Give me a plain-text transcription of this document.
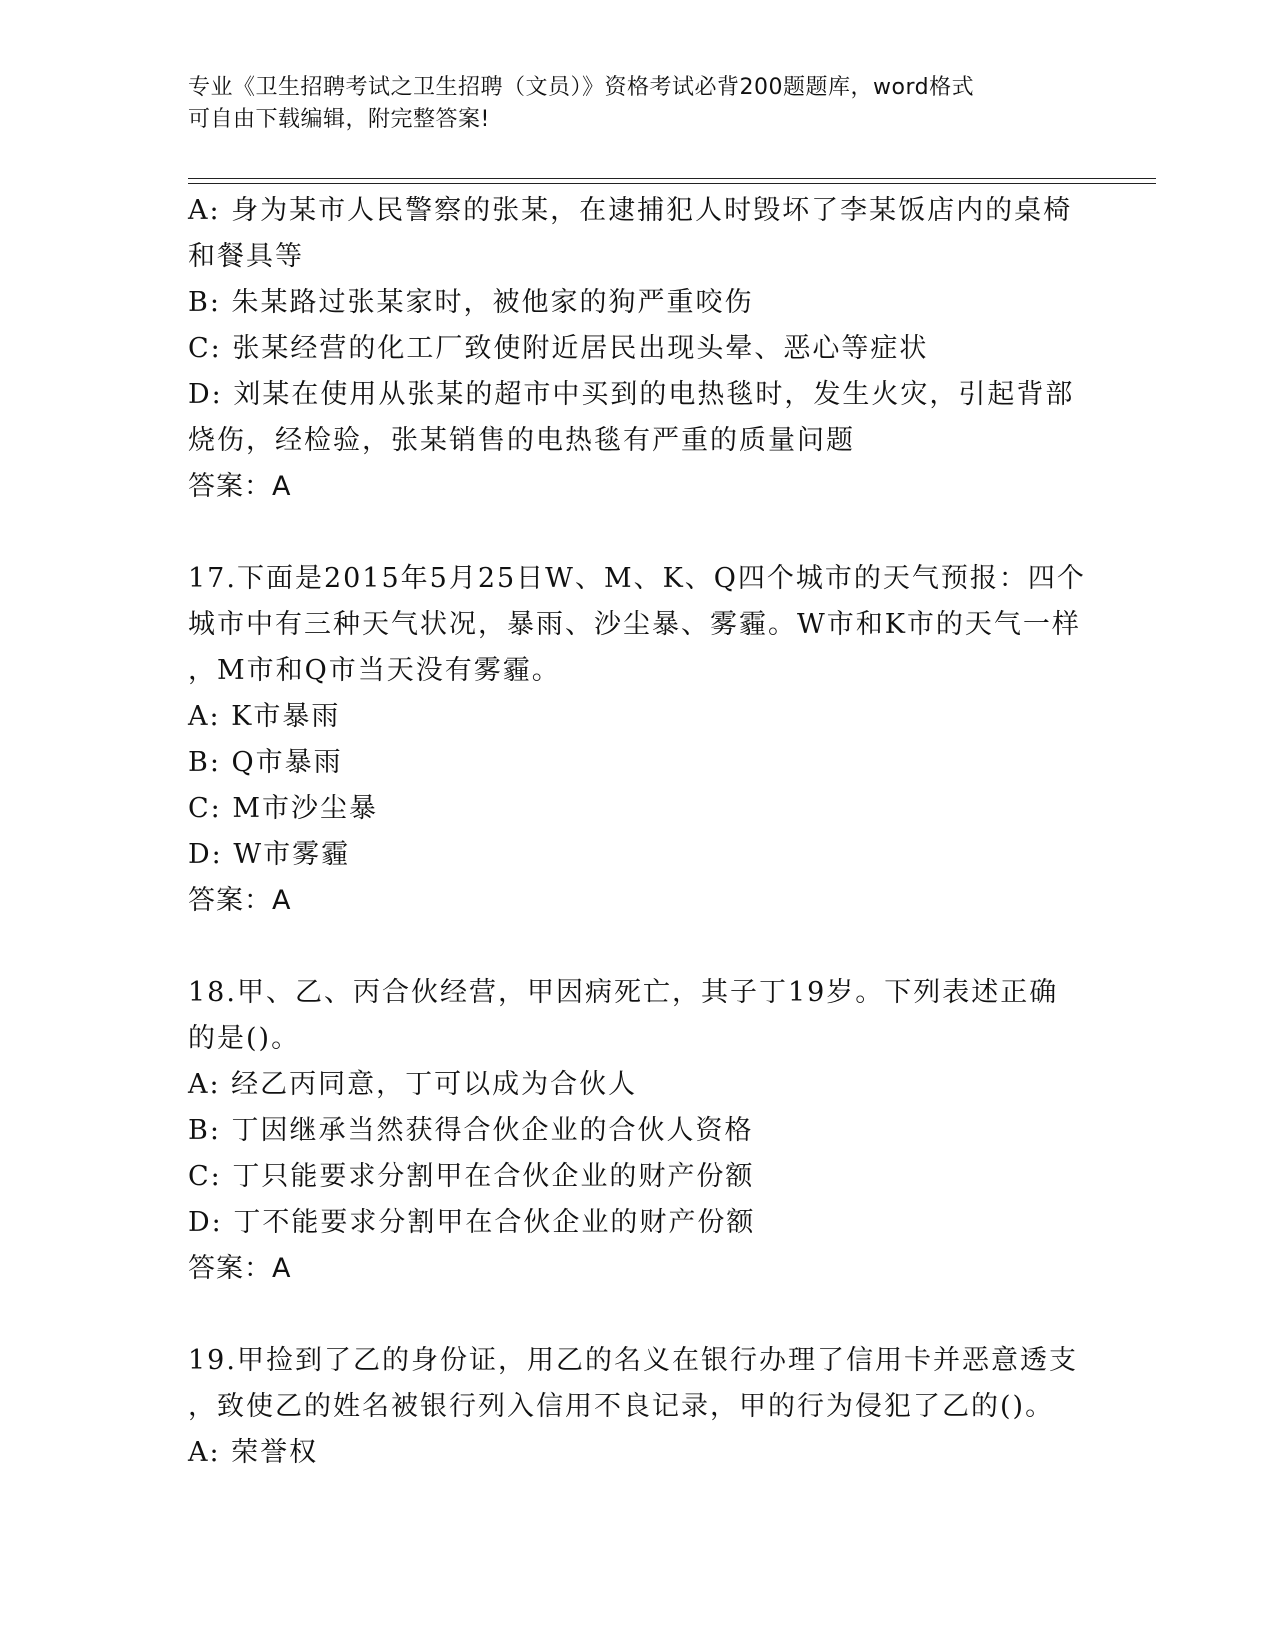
专业《卫生招聘考试之卫生招聘（文员）》资格考试必背200题题库，word格式
可自由下载编辑，附完整答案!

A: 身为某市人民警察的张某，在逮捕犯人时毁坏了李某饭店内的桌椅

和餐具等

B: 朱某路过张某家时，被他家的狗严重咬伤

C: 张某经营的化工厂致使附近居民出现头晕、恶心等症状

D: 刘某在使用从张某的超市中买到的电热毯时，发生火灾，引起背部

烧伤，经检验，张某销售的电热毯有严重的质量问题

答案：A

17.下面是2015年5月25日W、M、K、Q四个城市的天气预报：四个

城市中有三种天气状况，暴雨、沙尘暴、雾霾。W市和K市的天气一样

，M市和Q市当天没有雾霾。

A: K市暴雨

B: Q市暴雨

C: M市沙尘暴

D: W市雾霾

答案：A

18.甲、乙、丙合伙经营，甲因病死亡，其子丁19岁。下列表述正确

的是()。

A: 经乙丙同意，丁可以成为合伙人

B: 丁因继承当然获得合伙企业的合伙人资格

C: 丁只能要求分割甲在合伙企业的财产份额

D: 丁不能要求分割甲在合伙企业的财产份额

答案：A

19.甲捡到了乙的身份证，用乙的名义在银行办理了信用卡并恶意透支

，致使乙的姓名被银行列入信用不良记录，甲的行为侵犯了乙的()。

A: 荣誉权
